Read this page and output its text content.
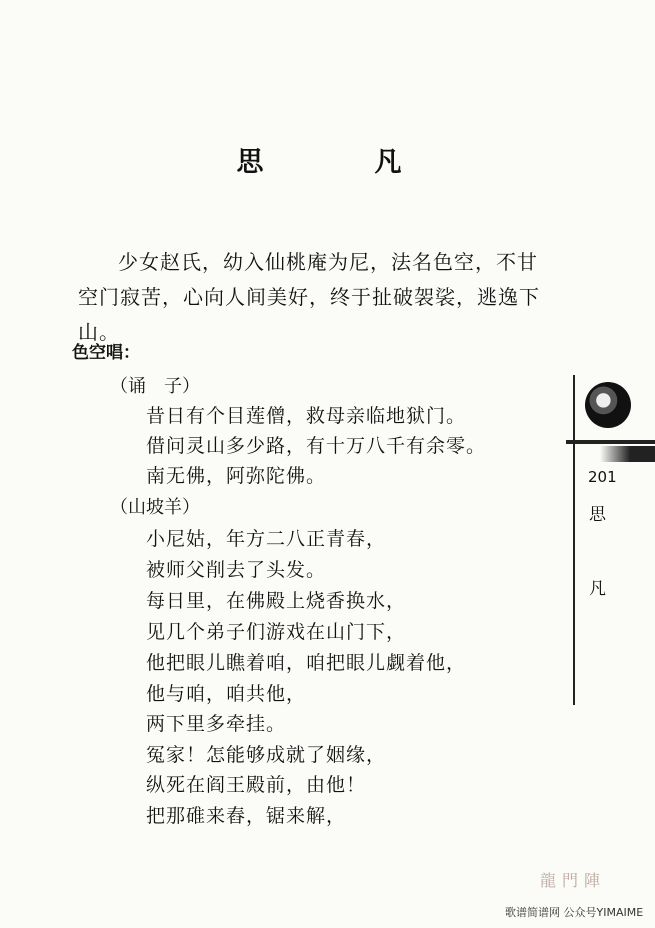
思　凡
少女赵氏，幼入仙桃庵为尼，法名色空，不甘空门寂苦，心向人间美好，终于扯破袈裟，逃逸下山。
色空唱：
（诵　子）
昔日有个目莲僧，救母亲临地狱门。
借问灵山多少路，有十万八千有余零。
南无佛，阿弥陀佛。
（山坡羊）
小尼姑，年方二八正青春，
被师父削去了头发。
每日里，在佛殿上烧香换水，
见几个弟子们游戏在山门下，
他把眼儿瞧着咱，咱把眼儿觑着他，
他与咱，咱共他，
两下里多牵挂。
冤家！怎能够成就了姻缘，
纵死在阎王殿前，由他！
把那碓来舂，锯来解，
201
思
凡
龍門陣
歌谱简谱网 公众号YIMAIME
